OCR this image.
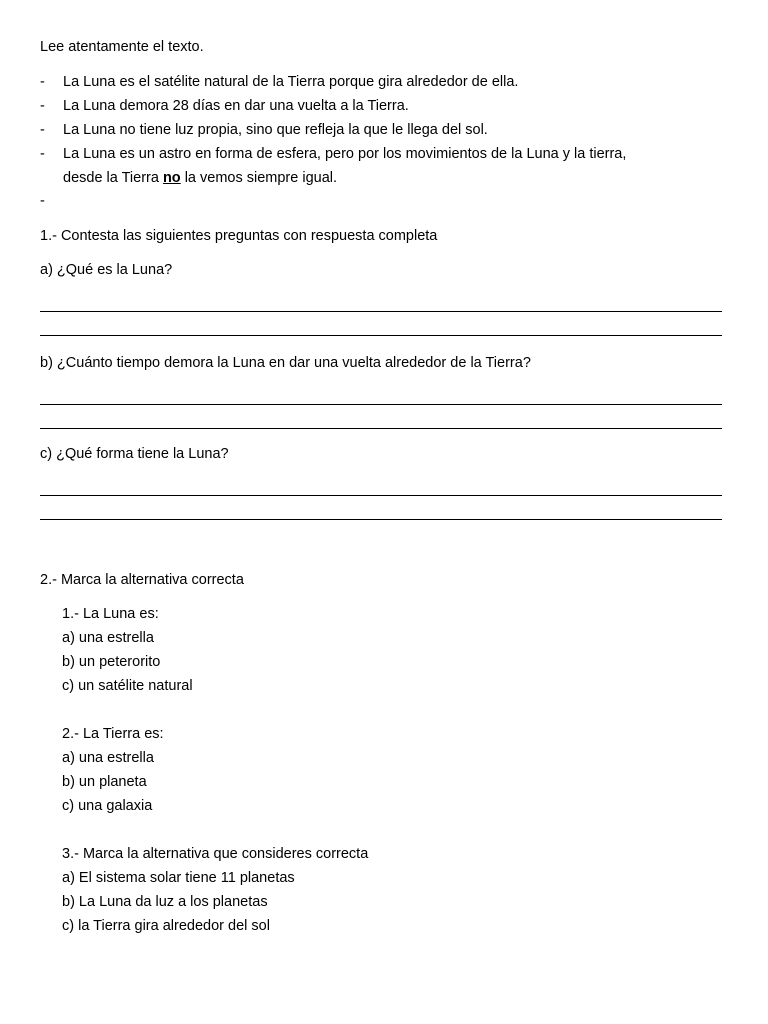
Lee atentamente el texto.
- La Luna es el satélite natural de la Tierra porque gira alrededor de ella.
- La Luna demora 28 días en dar una vuelta a la Tierra.
- La Luna no tiene luz propia, sino que refleja la que le llega del sol.
- La Luna es un astro en forma de esfera, pero por los movimientos de la Luna y la tierra,
desde la Tierra no la vemos siempre igual.
-
1.- Contesta las siguientes preguntas con respuesta completa
a) ¿Qué es la Luna?
b) ¿Cuánto tiempo demora la Luna en dar una vuelta alrededor de la Tierra?
c) ¿Qué forma tiene la Luna?
2.- Marca la alternativa correcta
1.- La Luna es:
a) una estrella
b) un peterorito
c) un satélite natural
2.- La Tierra es:
a) una estrella
b) un planeta
c) una galaxia
3.- Marca la alternativa que consideres correcta
a) El sistema solar tiene 11 planetas
b) La Luna da luz a los planetas
c) la Tierra gira alrededor del sol
